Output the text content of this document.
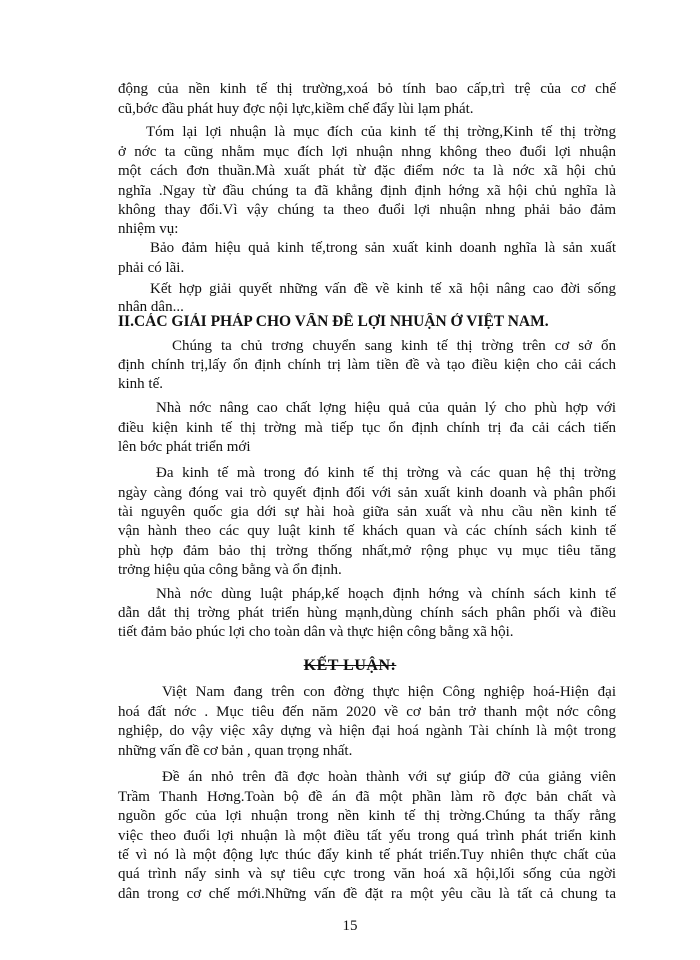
động của nền kinh tế thị trường,xoá bỏ tính bao cấp,trì trệ của cơ chế
cũ,bớc đầu phát huy đợc nội lực,kiềm chế đẩy lùi lạm phát.
Tóm lại lợi nhuận là mục đích của kinh tế thị trờng,Kinh tế thị trờng
ở nớc ta cũng nhằm mục đích lợi nhuận nhng không theo đuổi lợi nhuận
một cách đơn thuần.Mà xuất phát từ đặc điểm nớc ta là nớc xã hội chủ
nghĩa .Ngay từ đầu chúng ta đã khẳng định định hớng xã hội chủ nghĩa là
không thay đổi.Vì vậy chúng ta theo đuổi lợi nhuận nhng phải bảo đảm
nhiệm vụ:
Bảo đảm hiệu quả kinh tế,trong sản xuất kinh doanh nghĩa là sản xuất
phải có lãi.
Kết hợp giải quyết những vấn đề về kinh tế xã hội nâng cao đời sống
nhân dân...
II.CÁC GIẢI PHÁP CHO VẤN ĐỀ LỢI NHUẬN Ở VIỆT NAM.
Chúng ta chủ trơng chuyển sang kinh tế thị trờng trên cơ sở ổn
định chính trị,lấy ổn định chính trị làm tiền đề và tạo điều kiện cho cải cách
kinh tế.
Nhà nớc nâng cao chất lợng hiệu quả của quản lý cho phù hợp với
điều kiện kinh tế thị trờng mà tiếp tục ổn định chính trị đa cải cách tiến
lên bớc phát triển mới
Đa kinh tế mà trong đó kinh tế thị trờng và các quan hệ thị trờng
ngày càng đóng vai trò quyết định đối với sản xuất kinh doanh và phân phối
tài nguyên quốc gia dới sự hài hoà giữa sản xuất và nhu cầu nền kinh tế
vận hành theo các quy luật kinh tế khách quan và các chính sách kinh tế
phù hợp đảm bảo thị trờng thống nhất,mở rộng phục vụ mục tiêu tăng
trởng hiệu qủa công bằng và ổn định.
Nhà nớc dùng luật pháp,kế hoạch định hớng và chính sách kinh tế
dẫn dắt thị trờng phát triển hùng mạnh,dùng chính sách phân phối và điều
tiết đảm bảo phúc lợi cho toàn dân và thực hiện công bằng xã hội.
KẾT LUẬN:
Việt Nam đang trên con đờng thực hiện Công nghiệp hoá-Hiện đại
hoá đất nớc . Mục tiêu đến năm 2020 về cơ bản trở thanh một nớc công
nghiệp, do vậy việc xây dựng và hiện đại hoá ngành Tài chính là một trong
những vấn đề cơ bản , quan trọng nhất.
Đề án nhỏ trên đã đợc hoàn thành với sự giúp đỡ của giảng viên
Trầm Thanh Hơng.Toàn bộ đề án đã một phần làm rõ đợc bản chất và
nguồn gốc của lợi nhuận trong nền kinh tế thị trờng.Chúng ta thấy rằng
việc theo đuổi lợi nhuận là một điều tất yếu trong quá trình phát triển kinh
tế vì nó là một động lực thúc đẩy kinh tế phát triển.Tuy nhiên thực chất của
quá trình nẩy sinh và sự tiêu cực trong văn hoá xã hội,lối sống của ngời
dân trong cơ chế mới.Những vấn đề đặt ra một yêu cầu là tất cả chung ta
15
